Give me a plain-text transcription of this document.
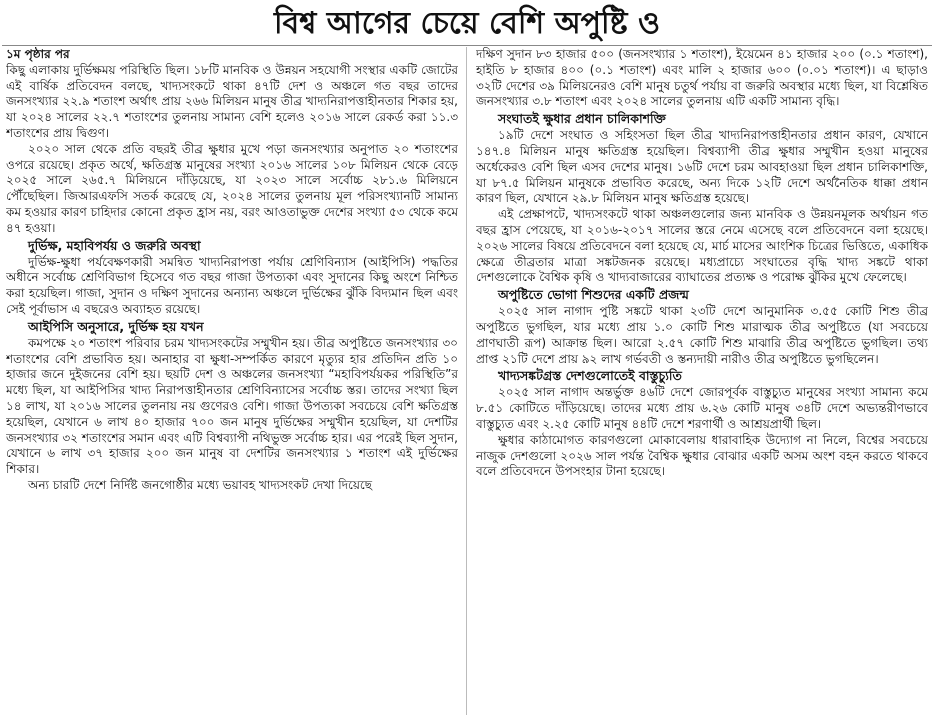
বিশ্ব আগের চেয়ে বেশি অপুষ্টি ও

১ম পৃষ্ঠার পর

কিছু এলাকায় দুর্ভিক্ষময় পরিস্থিতি ছিল। ১৮টি মানবিক ও উন্নয়ন সহযোগী সংস্থার একটি জোটের এই বার্ষিক প্রতিবেদন বলছে, খাদ্যসংকটে থাকা ৪৭টি দেশ ও অঞ্চলে গত বছর তাদের জনসংখ্যার ২২.৯ শতাংশ অর্থাৎ প্রায় ২৬৬ মিলিয়ন মানুষ তীব্র খাদ্যনিরাপত্তাহীনতার শিকার হয়, যা ২০২৪ সালের ২২.৭ শতাংশের তুলনায় সামান্য বেশি হলেও ২০১৬ সালে রেকর্ড করা ১১.৩ শতাংশের প্রায় দ্বিগুণ।

২০২০ সাল থেকে প্রতি বছরই তীব্র ক্ষুধার মুখে পড়া জনসংখ্যার অনুপাত ২০ শতাংশের ওপরে রয়েছে। প্রকৃত অর্থে, ক্ষতিগ্রস্ত মানুষের সংখ্যা ২০১৬ সালের ১০৮ মিলিয়ন থেকে বেড়ে ২০২৫ সালে ২৬৫.৭ মিলিয়নে দাঁড়িয়েছে, যা ২০২৩ সালে সর্বোচ্চ ২৮১.৬ মিলিয়নে পৌঁছেছিল। জিআরএফসি সতর্ক করেছে যে, ২০২৪ সালের তুলনায় মূল পরিসংখ্যানটি সামান্য কম হওয়ার কারণ চাহিদার কোনো প্রকৃত হ্রাস নয়, বরং আওতাভুক্ত দেশের সংখ্যা ৫৩ থেকে কমে ৪৭ হওয়া।

দুর্ভিক্ষ, মহাবিপর্যয় ও জরুরি অবস্থা

দুর্ভিক্ষ-ক্ষুধা পর্যবেক্ষণকারী সমন্বিত খাদ্যনিরাপত্তা পর্যায় শ্রেণিবিন্যাস (আইপিসি) পদ্ধতির অধীনে সর্বোচ্চ শ্রেণিবিভাগ হিসেবে গত বছর গাজা উপত্যকা এবং সুদানের কিছু অংশে নিশ্চিত করা হয়েছিল। গাজা, সুদান ও দক্ষিণ সুদানের অন্যান্য অঞ্চলে দুর্ভিক্ষের ঝুঁকি বিদ্যমান ছিল এবং সেই পূর্বাভাস এ বছরেও অব্যাহত রয়েছে।

আইপিসি অনুসারে, দুর্ভিক্ষ হয় যখন

কমপক্ষে ২০ শতাংশ পরিবার চরম খাদ্যসংকটের সম্মুখীন হয়। তীব্র অপুষ্টিতে জনসংখ্যার ৩০ শতাংশের বেশি প্রভাবিত হয়। অনাহার বা ক্ষুধা-সম্পর্কিত কারণে মৃত্যুর হার প্রতিদিন প্রতি ১০ হাজার জনে দুইজনের বেশি হয়। ছয়টি দেশ ও অঞ্চলের জনসংখ্যা “মহাবিপর্যয়কর পরিস্থিতি”র মধ্যে ছিল, যা আইপিসির খাদ্য নিরাপত্তাহীনতার শ্রেণিবিন্যাসের সর্বোচ্চ স্তর। তাদের সংখ্যা ছিল ১৪ লাখ, যা ২০১৬ সালের তুলনায় নয় গুণেরও বেশি। গাজা উপত্যকা সবচেয়ে বেশি ক্ষতিগ্রস্ত হয়েছিল, যেখানে ৬ লাখ ৪০ হাজার ৭০০ জন মানুষ দুর্ভিক্ষের সম্মুখীন হয়েছিল, যা দেশটির জনসংখ্যার ৩২ শতাংশের সমান এবং এটি বিশ্বব্যাপী নথিভুক্ত সর্বোচ্চ হার। এর পরেই ছিল সুদান, যেখানে ৬ লাখ ৩৭ হাজার ২০০ জন মানুষ বা দেশটির জনসংখ্যার ১ শতাংশ এই দুর্ভিক্ষের শিকার।

অন্য চারটি দেশে নির্দিষ্ট জনগোষ্ঠীর মধ্যে ভয়াবহ খাদ্যসংকট দেখা দিয়েছে

দক্ষিণ সুদান ৮৩ হাজার ৫০০ (জনসংখ্যার ১ শতাংশ), ইয়েমেন ৪১ হাজার ২০০ (০.১ শতাংশ), হাইতি ৮ হাজার ৪০০ (০.১ শতাংশ) এবং মালি ২ হাজার ৬০০ (০.০১ শতাংশ)। এ ছাড়াও ৩২টি দেশের ৩৯ মিলিয়নেরও বেশি মানুষ চতুর্থ পর্যায় বা জরুরি অবস্থার মধ্যে ছিল, যা বিশ্লেষিত জনসংখ্যার ৩.৮ শতাংশ এবং ২০২৪ সালের তুলনায় এটি একটি সামান্য বৃদ্ধি।

সংঘাতই ক্ষুধার প্রধান চালিকাশক্তি

১৯টি দেশে সংঘাত ও সহিংসতা ছিল তীব্র খাদ্যনিরাপত্তাহীনতার প্রধান কারণ, যেখানে ১৪৭.৪ মিলিয়ন মানুষ ক্ষতিগ্রস্ত হয়েছিল। বিশ্বব্যাপী তীব্র ক্ষুধার সম্মুখীন হওয়া মানুষের অর্ধেকেরও বেশি ছিল এসব দেশের মানুষ। ১৬টি দেশে চরম আবহাওয়া ছিল প্রধান চালিকাশক্তি, যা ৮৭.৫ মিলিয়ন মানুষকে প্রভাবিত করেছে, অন্য দিকে ১২টি দেশে অর্থনৈতিক ধাক্কা প্রধান কারণ ছিল, যেখানে ২৯.৮ মিলিয়ন মানুষ ক্ষতিগ্রস্ত হয়েছে।

এই প্রেক্ষাপটে, খাদ্যসংকটে থাকা অঞ্চলগুলোর জন্য মানবিক ও উন্নয়নমূলক অর্থায়ন গত বছর হ্রাস পেয়েছে, যা ২০১৬-২০১৭ সালের স্তরে নেমে এসেছে বলে প্রতিবেদনে বলা হয়েছে। ২০২৬ সালের বিষয়ে প্রতিবেদনে বলা হয়েছে যে, মার্চ মাসের আংশিক চিত্রের ভিত্তিতে, একাধিক ক্ষেত্রে তীব্রতার মাত্রা সঙ্কটজনক রয়েছে। মধ্যপ্রাচ্যে সংঘাতের বৃদ্ধি খাদ্য সঙ্কটে থাকা দেশগুলোকে বৈশ্বিক কৃষি ও খাদ্যবাজারের ব্যাঘাতের প্রত্যক্ষ ও পরোক্ষ ঝুঁকির মুখে ফেলেছে।

অপুষ্টিতে ভোগা শিশুদের একটি প্রজন্ম

২০২৫ সাল নাগাদ পুষ্টি সঙ্কটে থাকা ২৩টি দেশে আনুমানিক ৩.৫৫ কোটি শিশু তীব্র অপুষ্টিতে ভুগছিল, যার মধ্যে প্রায় ১.০ কোটি শিশু মারাত্মক তীব্র অপুষ্টিতে (যা সবচেয়ে প্রাণঘাতী রূপ) আক্রান্ত ছিল। আরো ২.৫৭ কোটি শিশু মাঝারি তীব্র অপুষ্টিতে ভুগছিল। তথ্য প্রাপ্ত ২১টি দেশে প্রায় ৯২ লাখ গর্ভবতী ও স্তন্যদায়ী নারীও তীব্র অপুষ্টিতে ভুগছিলেন।

খাদ্যসঙ্কটগ্রস্ত দেশগুলোতেই বাস্তুচ্যুতি

২০২৫ সাল নাগাদ অন্তর্ভুক্ত ৪৬টি দেশে জোরপূর্বক বাস্তুচ্যুত মানুষের সংখ্যা সামান্য কমে ৮.৫১ কোটিতে দাঁড়িয়েছে। তাদের মধ্যে প্রায় ৬.২৬ কোটি মানুষ ৩৪টি দেশে অভ্যন্তরীণভাবে বাস্তুচ্যুত এবং ২.২৫ কোটি মানুষ ৪৪টি দেশে শরণার্থী ও আশ্রয়প্রার্থী ছিল।

ক্ষুধার কাঠামোগত কারণগুলো মোকাবেলায় ধারাবাহিক উদ্যোগ না নিলে, বিশ্বের সবচেয়ে নাজুক দেশগুলো ২০২৬ সাল পর্যন্ত বৈশ্বিক ক্ষুধার বোঝার একটি অসম অংশ বহন করতে থাকবে বলে প্রতিবেদনে উপসংহার টানা হয়েছে।
